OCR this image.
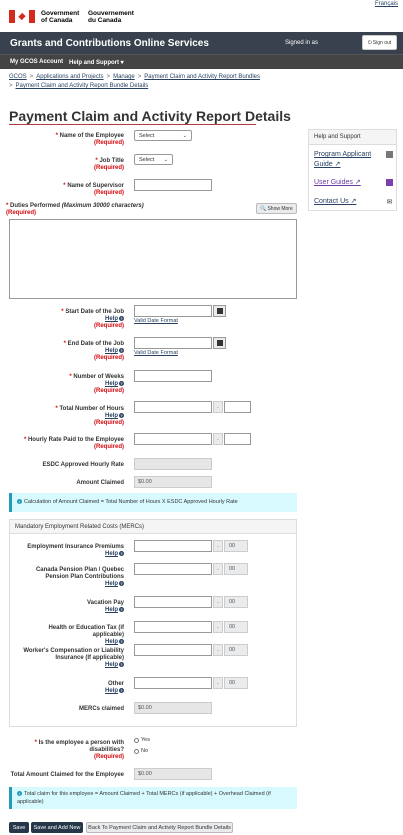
Government
of Canada
Gouvernement
du Canada
Français
Grants and Contributions Online Services	Signed in as	⏻ Sign out
My GCOS Account Help and Support ▾
GCOS > Applications and Projects > Manage > Payment Claim and Activity Report Bundles
> Payment Claim and Activity Report Bundle Details
Payment Claim and Activity Report Details
* Name of the Employee
(Required)
Select	⌄
* Job Title
(Required)
Select ⌄
* Name of Supervisor
(Required)
* Duties Performed (Maximum 30000 characters)
(Required)
🔍 Show More
Help and Support
Program Applicant Guide ↗
User Guides ↗
Contact Us ↗	✉
* Start Date of the Job
Help ?
(Required)
Valid Date Format
* End Date of the Job
Help ?
(Required)
Valid Date Format
* Number of Weeks
Help ?
(Required)
* Total Number of Hours
Help ?
(Required)
.
* Hourly Rate Paid to the Employee
(Required)
.
ESDC Approved Hourly Rate
Amount Claimed	$0.00
i Calculation of Amount Claimed = Total Number of Hours X ESDC Approved Hourly Rate
Mandatory Employment Related Costs (MERCs)
Employment Insurance Premiums
Help ?
.	00
Canada Pension Plan / Quebec Pension Plan Contributions
Help ?
.	00
Vacation Pay
Help ?
.	00
Health or Education Tax (if applicable)
Help ?
.	00
Worker's Compensation or Liability Insurance (If applicable)
Help ?
.	00
Other
Help ?
.	00
MERCs claimed	$0.00
* Is the employee a person with disabilities?
(Required)
Yes
No
Total Amount Claimed for the Employee	$0.00
i Total claim for this employee = Amount Claimed + Total MERCs (if applicable) + Overhead Claimed (if applicable)
Save	Save and Add New	Back To Payment Claim and Activity Report Bundle Details
